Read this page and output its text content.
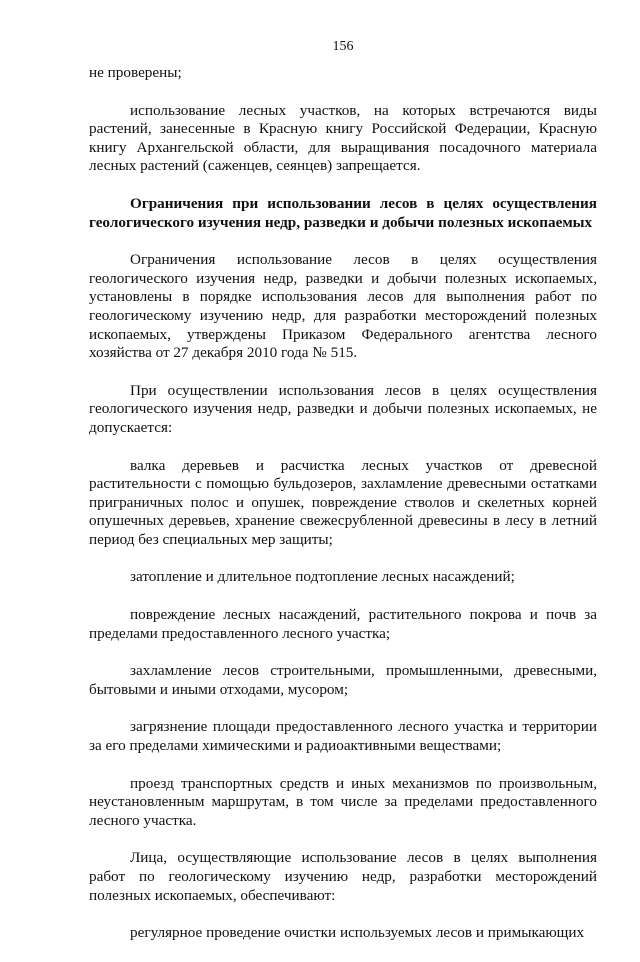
156

не проверены;

использование лесных участков, на которых встречаются виды растений, занесенные в Красную книгу Российской Федерации, Красную книгу Архангельской области, для выращивания посадочного материала лесных растений (саженцев, сеянцев) запрещается.

Ограничения при использовании лесов в целях осуществления геологического изучения недр, разведки и добычи полезных ископаемых

Ограничения использование лесов в целях осуществления геологического изучения недр, разведки и добычи полезных ископаемых, установлены в порядке использования лесов для выполнения работ по геологическому изучению недр, для разработки месторождений полезных ископаемых, утверждены Приказом Федерального агентства лесного хозяйства от 27 декабря 2010 года № 515.

При осуществлении использования лесов в целях осуществления геологического изучения недр, разведки и добычи полезных ископаемых, не допускается:

валка деревьев и расчистка лесных участков от древесной растительности с помощью бульдозеров, захламление древесными остатками приграничных полос и опушек, повреждение стволов и скелетных корней опушечных деревьев, хранение свежесрубленной древесины в лесу в летний период без специальных мер защиты;

затопление и длительное подтопление лесных насаждений;

повреждение лесных насаждений, растительного покрова и почв за пределами предоставленного лесного участка;

захламление лесов строительными, промышленными, древесными, бытовыми и иными отходами, мусором;

загрязнение площади предоставленного лесного участка и территории за его пределами химическими и радиоактивными веществами;

проезд транспортных средств и иных механизмов по произвольным, неустановленным маршрутам, в том числе за пределами предоставленного лесного участка.

Лица, осуществляющие использование лесов в целях выполнения работ по геологическому изучению недр, разработки месторождений полезных ископаемых, обеспечивают:

регулярное проведение очистки используемых лесов и примыкающих
